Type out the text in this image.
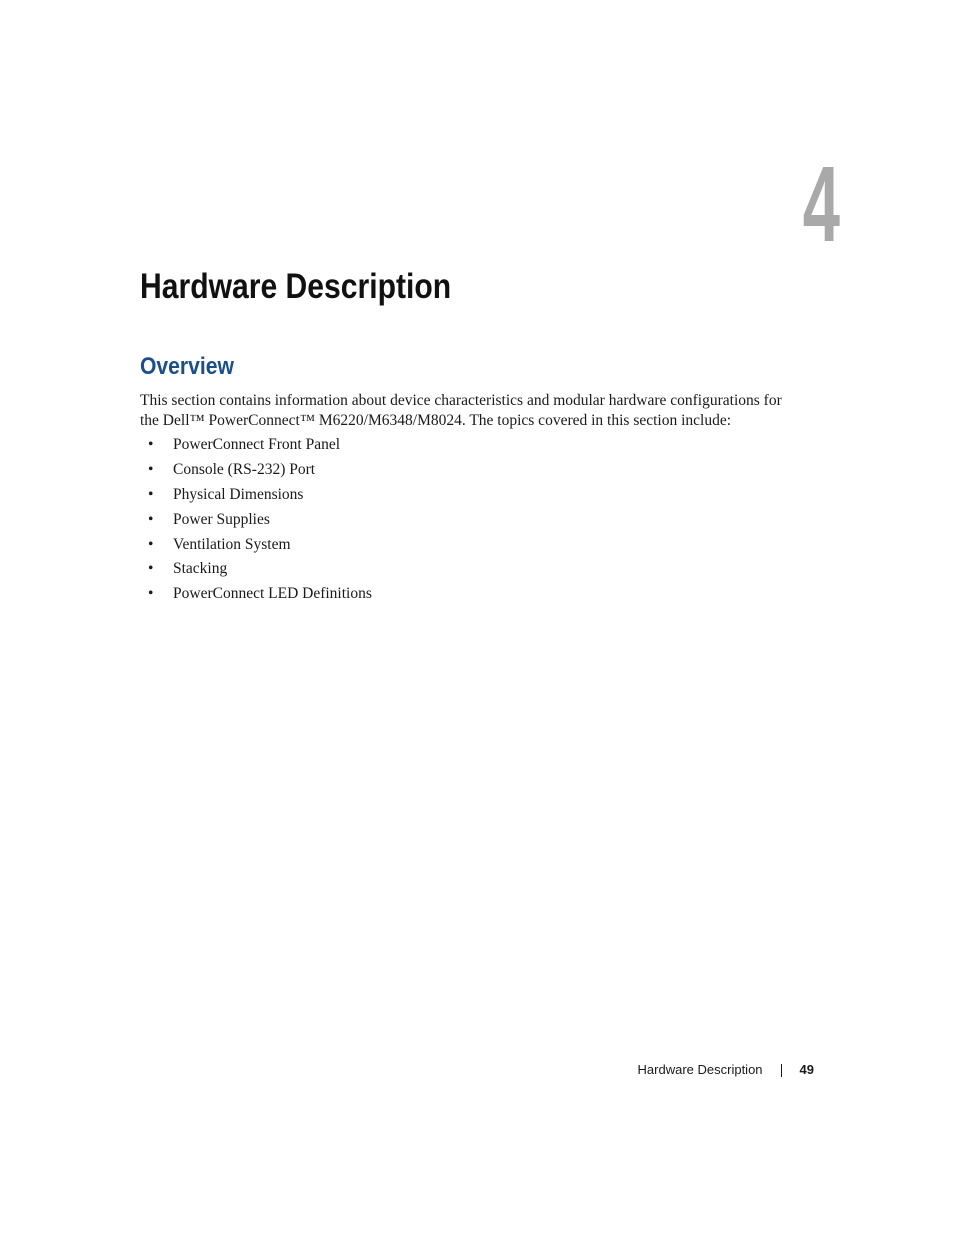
4
Hardware Description
Overview

This section contains information about device characteristics and modular hardware configurations for the Dell™ PowerConnect™ M6220/M6348/M8024. The topics covered in this section include:

• PowerConnect Front Panel
• Console (RS-232) Port
• Physical Dimensions
• Power Supplies
• Ventilation System
• Stacking
• PowerConnect LED Definitions
Hardware Description	49
